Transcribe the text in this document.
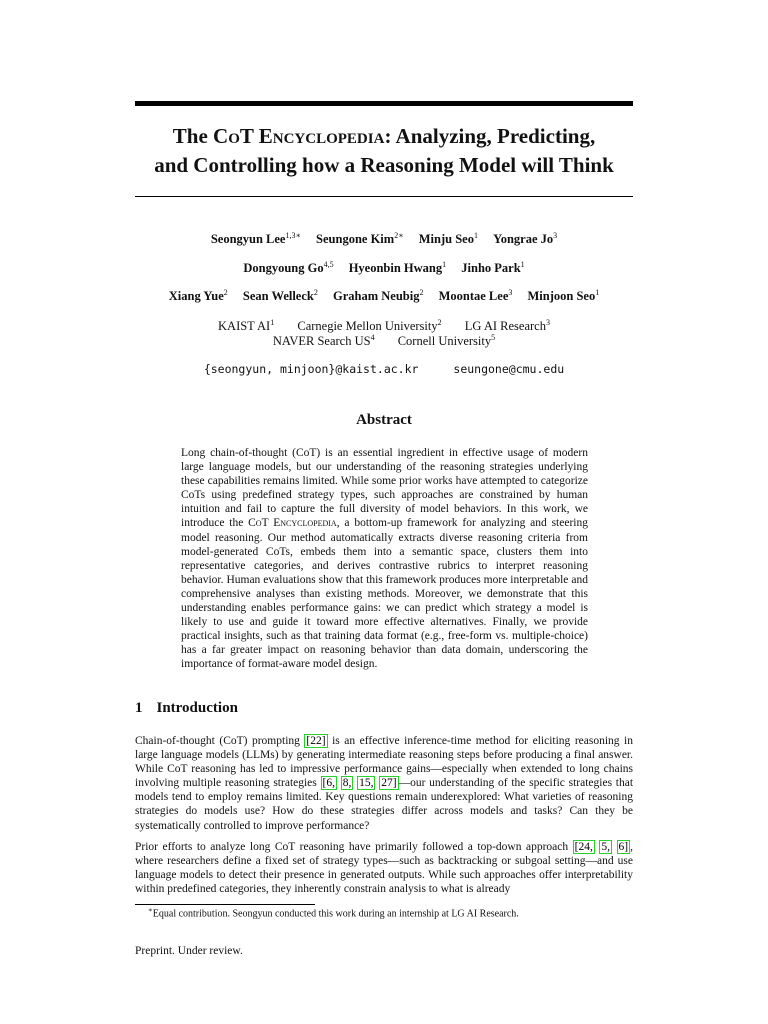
The CoT Encyclopedia: Analyzing, Predicting,
and Controlling how a Reasoning Model will Think
Seongyun Lee$^{1,3∗}$ Seungone Kim$^{2∗}$ Minju Seo$^1$ Yongrae Jo$^3$
Dongyoung Go$^{4,5}$ Hyeonbin Hwang$^1$ Jinho Park$^1$
Xiang Yue$^2$ Sean Welleck$^2$ Graham Neubig$^2$ Moontae Lee$^3$ Minjoon Seo$^1$
KAIST $AI^1$ Carnegie Mellon University$^2$ LG AI Research$^3$
NAVER Search $US^4$ Cornell University$^5$
{seongyun, minjoon}@kaist.ac.kr	seungone@cmu.edu
Abstract
Long chain-of-thought (CoT) is an essential ingredient in effective usage of modern large language models, but our understanding of the reasoning strategies underlying these capabilities remains limited. While some prior works have attempted to categorize CoTs using predefined strategy types, such approaches are constrained by human intuition and fail to capture the full diversity of model behaviors. In this work, we introduce the CoT Encyclopedia, a bottom-up framework for analyzing and steering model reasoning. Our method automatically extracts diverse reasoning criteria from model-generated CoTs, embeds them into a semantic space, clusters them into representative categories, and derives contrastive rubrics to interpret reasoning behavior. Human evaluations show that this framework produces more interpretable and comprehensive analyses than existing methods. Moreover, we demonstrate that this understanding enables performance gains: we can predict which strategy a model is likely to use and guide it toward more effective alternatives. Finally, we provide practical insights, such as that training data format (e.g., free-form vs. multiple-choice) has a far greater impact on reasoning behavior than data domain, underscoring the importance of format-aware model design.
1 Introduction
Chain-of-thought (CoT) prompting [22] is an effective inference-time method for eliciting reasoning in large language models (LLMs) by generating intermediate reasoning steps before producing a final answer. While CoT reasoning has led to impressive performance gains—especially when extended to long chains involving multiple reasoning strategies [6, 8, 15, 27] —our understanding of the specific strategies that models tend to employ remains limited. Key questions remain underexplored: What varieties of reasoning strategies do models use? How do these strategies differ across models and tasks? Can they be systematically controlled to improve performance?
Prior efforts to analyze long CoT reasoning have primarily followed a top-down approach [24, 5, 6] , where researchers define a fixed set of strategy types—such as backtracking or subgoal setting—and use language models to detect their presence in generated outputs. While such approaches offer interpretability within predefined categories, they inherently constrain analysis to what is already
∗Equal contribution. Seongyun conducted this work during an internship at LG AI Research.
Preprint. Under review.
